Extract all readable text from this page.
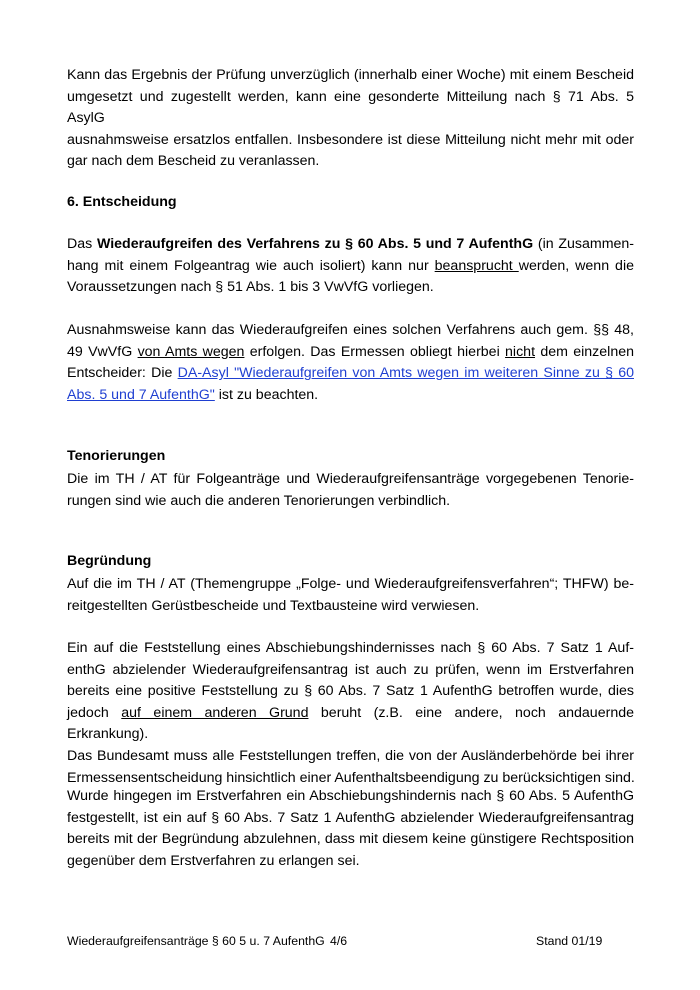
Kann das Ergebnis der Prüfung unverzüglich (innerhalb einer Woche) mit einem Bescheid
umgesetzt und zugestellt werden, kann eine gesonderte Mitteilung nach § 71 Abs. 5 AsylG
ausnahmsweise ersatzlos entfallen. Insbesondere ist diese Mitteilung nicht mehr mit oder
gar nach dem Bescheid zu veranlassen.
6. Entscheidung
Das Wiederaufgreifen des Verfahrens zu § 60 Abs. 5 und 7 AufenthG (in Zusammen-
hang mit einem Folgeantrag wie auch isoliert) kann nur beansprucht werden, wenn die
Voraussetzungen nach § 51 Abs. 1 bis 3 VwVfG vorliegen.
Ausnahmsweise kann das Wiederaufgreifen eines solchen Verfahrens auch gem. §§ 48,
49 VwVfG von Amts wegen erfolgen. Das Ermessen obliegt hierbei nicht dem einzelnen
Entscheider: Die DA-Asyl "Wiederaufgreifen von Amts wegen im weiteren Sinne zu § 60
Abs. 5 und 7 AufenthG" ist zu beachten.
Tenorierungen
Die im TH / AT für Folgeanträge und Wiederaufgreifensanträge vorgegebenen Tenorie-
rungen sind wie auch die anderen Tenorierungen verbindlich.
Begründung
Auf die im TH / AT (Themengruppe „Folge- und Wiederaufgreifensverfahren“; THFW) be-
reitgestellten Gerüstbescheide und Textbausteine wird verwiesen.
Ein auf die Feststellung eines Abschiebungshindernisses nach § 60 Abs. 7 Satz 1 Auf-
enthG abzielender Wiederaufgreifensantrag ist auch zu prüfen, wenn im Erstverfahren
bereits eine positive Feststellung zu § 60 Abs. 7 Satz 1 AufenthG betroffen wurde, dies
jedoch auf einem anderen Grund beruht (z.B. eine andere, noch andauernde Erkrankung).
Das Bundesamt muss alle Feststellungen treffen, die von der Ausländerbehörde bei ihrer
Ermessensentscheidung hinsichtlich einer Aufenthaltsbeendigung zu berücksichtigen sind.
Wurde hingegen im Erstverfahren ein Abschiebungshindernis nach § 60 Abs. 5 AufenthG
festgestellt, ist ein auf § 60 Abs. 7 Satz 1 AufenthG abzielender Wiederaufgreifensantrag
bereits mit der Begründung abzulehnen, dass mit diesem keine günstigere Rechtsposition
gegenüber dem Erstverfahren zu erlangen sei.
Wiederaufgreifensanträge § 60 5 u. 7 AufenthG 4/6	Stand 01/19
